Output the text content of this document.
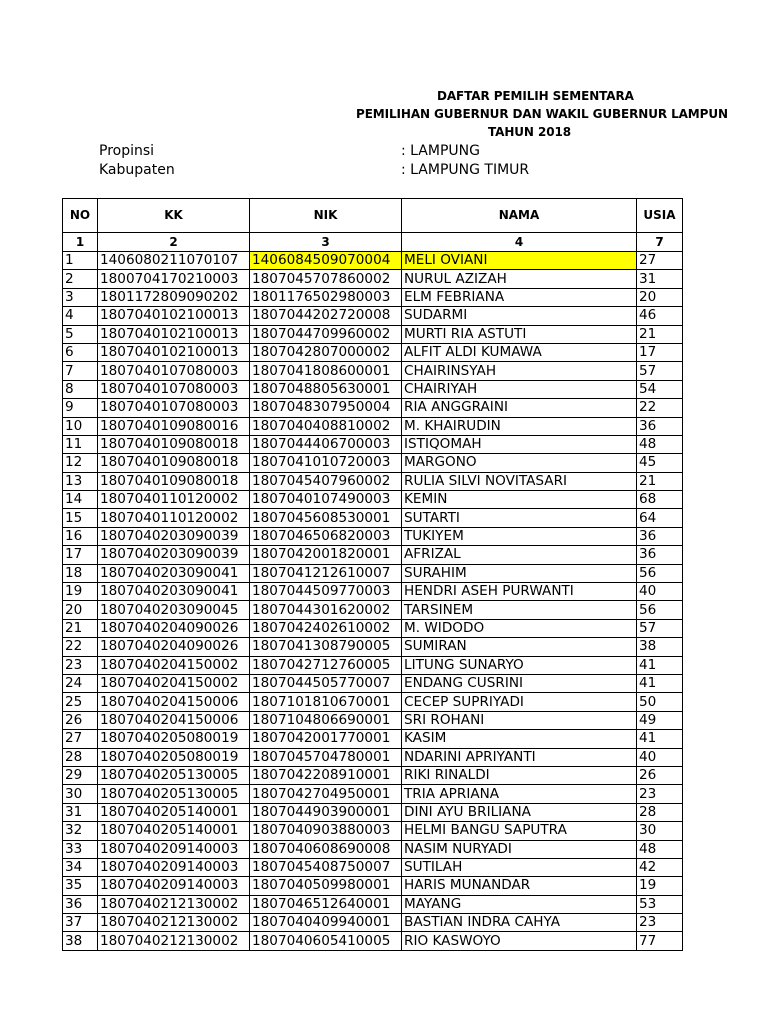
DAFTAR PEMILIH SEMENTARA
PEMILIHAN GUBERNUR DAN WAKIL GUBERNUR LAMPUN
TAHUN 2018
Propinsi	: LAMPUNG
Kabupaten	: LAMPUNG TIMUR
NO	KK	NIK	NAMA	USIA
1	2	3	4	7
1	1406080211070107	1406084509070004	MELI OVIANI	27
2	1800704170210003	1807045707860002	NURUL AZIZAH	31
3	1801172809090202	1801176502980003	ELM FEBRIANA	20
4	1807040102100013	1807044202720008	SUDARMI	46
5	1807040102100013	1807044709960002	MURTI RIA ASTUTI	21
6	1807040102100013	1807042807000002	ALFIT ALDI KUMAWA	17
7	1807040107080003	1807041808600001	CHAIRINSYAH	57
8	1807040107080003	1807048805630001	CHAIRIYAH	54
9	1807040107080003	1807048307950004	RIA ANGGRAINI	22
10	1807040109080016	1807040408810002	M. KHAIRUDIN	36
11	1807040109080018	1807044406700003	ISTIQOMAH	48
12	1807040109080018	1807041010720003	MARGONO	45
13	1807040109080018	1807045407960002	RULIA SILVI NOVITASARI	21
14	1807040110120002	1807040107490003	KEMIN	68
15	1807040110120002	1807045608530001	SUTARTI	64
16	1807040203090039	1807046506820003	TUKIYEM	36
17	1807040203090039	1807042001820001	AFRIZAL	36
18	1807040203090041	1807041212610007	SURAHIM	56
19	1807040203090041	1807044509770003	HENDRI ASEH PURWANTI	40
20	1807040203090045	1807044301620002	TARSINEM	56
21	1807040204090026	1807042402610002	M. WIDODO	57
22	1807040204090026	1807041308790005	SUMIRAN	38
23	1807040204150002	1807042712760005	LITUNG SUNARYO	41
24	1807040204150002	1807044505770007	ENDANG CUSRINI	41
25	1807040204150006	1807101810670001	CECEP SUPRIYADI	50
26	1807040204150006	1807104806690001	SRI ROHANI	49
27	1807040205080019	1807042001770001	KASIM	41
28	1807040205080019	1807045704780001	NDARINI APRIYANTI	40
29	1807040205130005	1807042208910001	RIKI RINALDI	26
30	1807040205130005	1807042704950001	TRIA APRIANA	23
31	1807040205140001	1807044903900001	DINI AYU BRILIANA	28
32	1807040205140001	1807040903880003	HELMI BANGU SAPUTRA	30
33	1807040209140003	1807040608690008	NASIM NURYADI	48
34	1807040209140003	1807045408750007	SUTILAH	42
35	1807040209140003	1807040509980001	HARIS MUNANDAR	19
36	1807040212130002	1807046512640001	MAYANG	53
37	1807040212130002	1807040409940001	BASTIAN INDRA CAHYA	23
38	1807040212130002	1807040605410005	RIO KASWOYO	77
